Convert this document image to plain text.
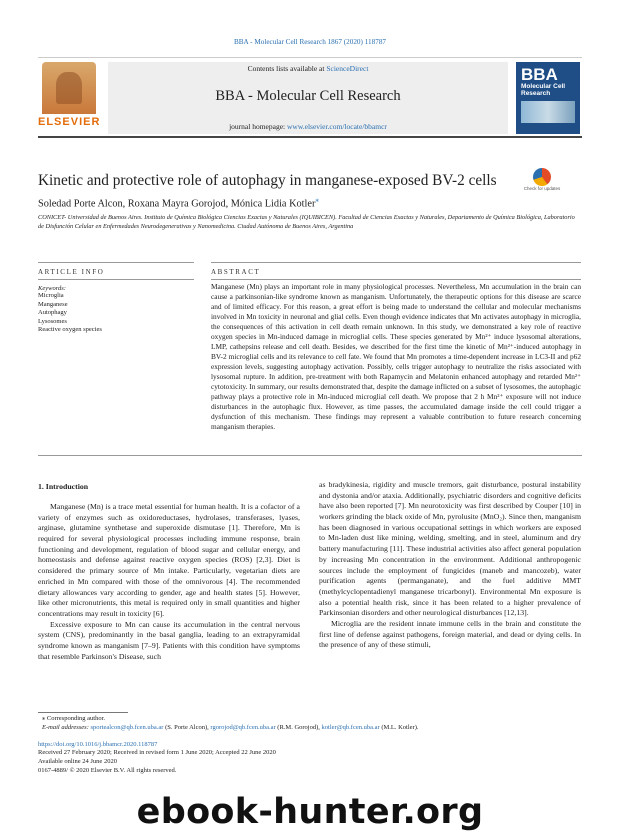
BBA - Molecular Cell Research 1867 (2020) 118787
ELSEVIER
Contents lists available at ScienceDirect
BBA - Molecular Cell Research
journal homepage: www.elsevier.com/locate/bbamcr
BBA
Molecular Cell Research
Kinetic and protective role of autophagy in manganese-exposed BV-2 cells	Check for updates
Soledad Porte Alcon, Roxana Mayra Gorojod, Mónica Lidia Kotler⁎
CONICET- Universidad de Buenos Aires. Instituto de Química Biológica Ciencias Exactas y Naturales (IQUIBICEN). Facultad de Ciencias Exactas y Naturales, Departamento de Química Biológica, Laboratorio de Disfunción Celular en Enfermedades Neurodegenerativas y Nanomedicina. Ciudad Autónoma de Buenos Aires, Argentina
ARTICLE INFO	ABSTRACT
Keywords:
Microglia
Manganese
Autophagy
Lysosomes
Reactive oxygen species
Manganese (Mn) plays an important role in many physiological processes. Nevertheless, Mn accumulation in the brain can cause a parkinsonian-like syndrome known as manganism. Unfortunately, the therapeutic options for this disease are scarce and of limited efficacy. For this reason, a great effort is being made to understand the cellular and molecular mechanisms involved in Mn toxicity in neuronal and glial cells. Even though evidence indicates that Mn activates autophagy in microglia, the consequences of this activation in cell death remain unknown. In this study, we demonstrated a key role of reactive oxygen species in Mn-induced damage in microglial cells. These species generated by Mn²⁺ induce lysosomal alterations, LMP, cathepsins release and cell death. Besides, we described for the first time the kinetic of Mn²⁺-induced autophagy in BV-2 microglial cells and its relevance to cell fate. We found that Mn promotes a time-dependent increase in LC3-II and p62 expression levels, suggesting autophagy activation. Possibly, cells trigger autophagy to neutralize the risks associated with lysosomal rupture. In addition, pre-treatment with both Rapamycin and Melatonin enhanced autophagy and retarded Mn²⁺ cytotoxicity. In summary, our results demonstrated that, despite the damage inflicted on a subset of lysosomes, the autophagic pathway plays a protective role in Mn-induced microglial cell death. We propose that 2 h Mn²⁺ exposure will not induce disturbances in the autophagic flux. However, as time passes, the accumulated damage inside the cell could trigger a dysfunction of this mechanism. These findings may represent a valuable contribution to future research concerning manganism therapies.
1. Introduction

Manganese (Mn) is a trace metal essential for human health. It is a cofactor of a variety of enzymes such as oxidoreductases, hydrolases, transferases, lyases, arginase, glutamine synthetase and superoxide dismutase [1]. Therefore, Mn is required for several physiological processes including immune response, brain functioning and development, regulation of blood sugar and cellular energy, and homeostasis and defense against reactive oxygen species (ROS) [2,3]. Diet is considered the primary source of Mn intake. Particularly, vegetarian diets are enriched in Mn compared with those of the omnivorous [4]. The recommended dietary allowances vary according to gender, age and health states [5]. However, like other micronutrients, this metal is required only in small quantities and higher concentrations may result in toxicity [6].

Excessive exposure to Mn can cause its accumulation in the central nervous system (CNS), predominantly in the basal ganglia, leading to an extrapyramidal syndrome known as manganism [7–9]. Patients with this condition have symptoms that resemble Parkinson's Disease, such

as bradykinesia, rigidity and muscle tremors, gait disturbance, postural instability and dystonia and/or ataxia. Additionally, psychiatric disorders and cognitive deficits have also been reported [7]. Mn neurotoxicity was first described by Couper [10] in workers grinding the black oxide of Mn, pyrolusite (MnO₂). Since then, manganism has been diagnosed in various occupational settings in which workers are exposed to Mn-laden dust like mining, welding, smelting, and in steel, aluminum and dry battery manufacturing [11]. These industrial activities also affect general population by increasing Mn concentration in the environment. Additional anthropogenic sources include the employment of fungicides (maneb and mancozeb), water purification agents (permanganate), and the fuel additive MMT (methylcyclopentadienyl manganese tricarbonyl). Environmental Mn exposure is also a potential health risk, since it has been related to a higher prevalence of Parkinsonian disorders and other neurological disturbances [12,13].

Microglia are the resident innate immune cells in the brain and constitute the first line of defense against pathogens, foreign material, and dead or dying cells. In the presence of any of these stimuli,

⁎ Corresponding author.
E-mail addresses: sportealcon@qb.fcen.uba.ar (S. Porte Alcon), rgorojod@qb.fcen.uba.ar (R.M. Gorojod), kotler@qb.fcen.uba.ar (M.L. Kotler).
https://doi.org/10.1016/j.bbamcr.2020.118787
Received 27 February 2020; Received in revised form 1 June 2020; Accepted 22 June 2020
Available online 24 June 2020
0167-4889/ © 2020 Elsevier B.V. All rights reserved.
ebook-hunter.org
